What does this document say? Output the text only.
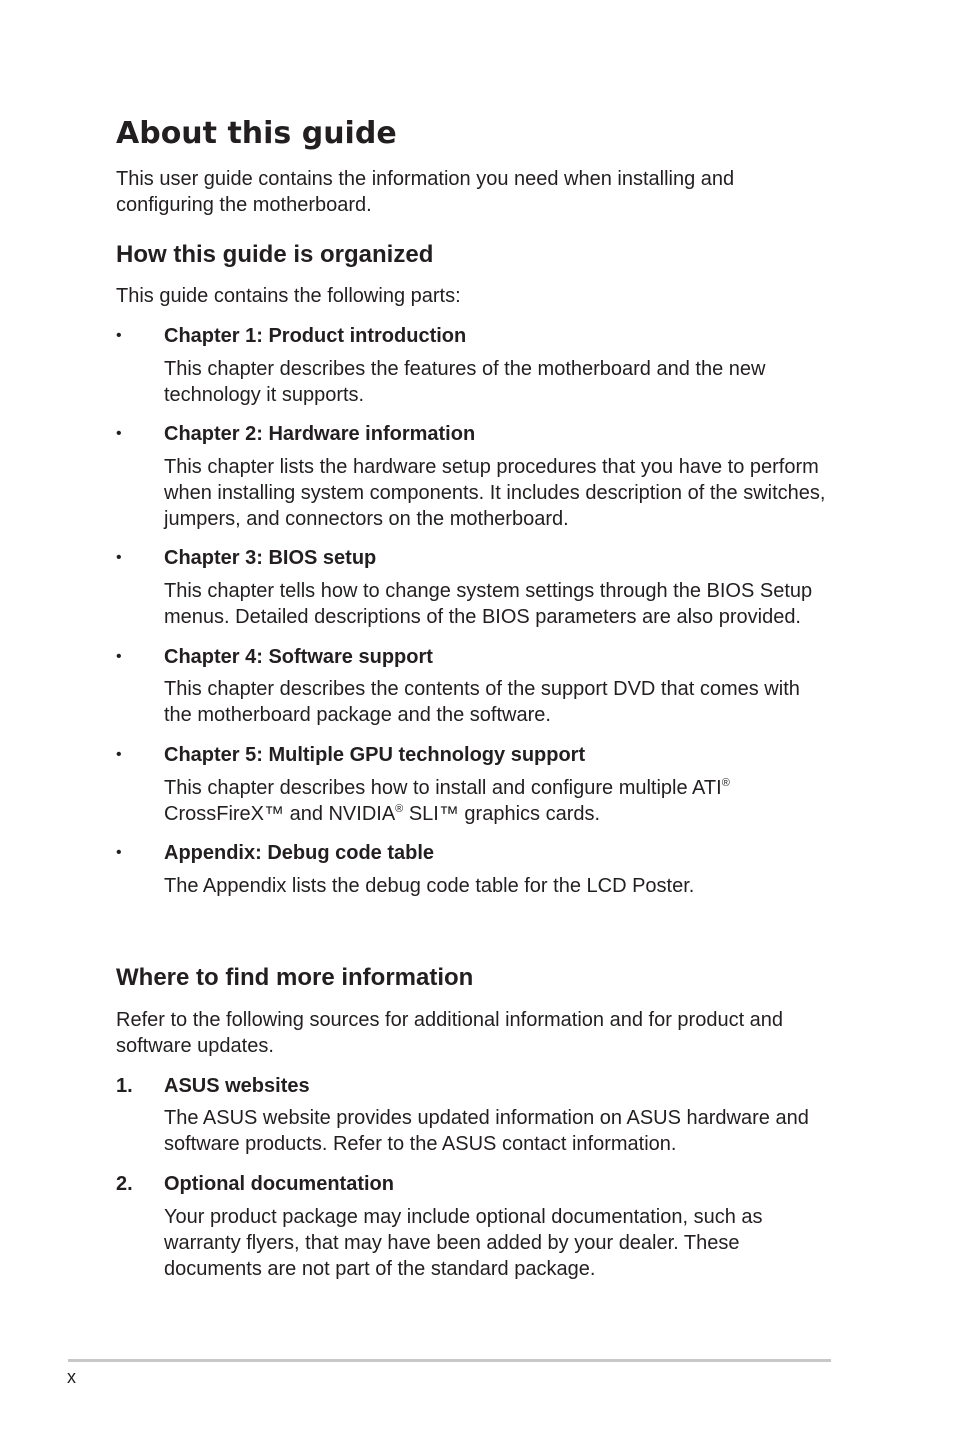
About this guide

This user guide contains the information you need when installing and configuring the motherboard.

How this guide is organized

This guide contains the following parts:

• Chapter 1: Product introduction

This chapter describes the features of the motherboard and the new technology it supports.

• Chapter 2: Hardware information

This chapter lists the hardware setup procedures that you have to perform when installing system components. It includes description of the switches, jumpers, and connectors on the motherboard.

• Chapter 3: BIOS setup

This chapter tells how to change system settings through the BIOS Setup menus. Detailed descriptions of the BIOS parameters are also provided.

• Chapter 4: Software support

This chapter describes the contents of the support DVD that comes with the motherboard package and the software.

• Chapter 5: Multiple GPU technology support

This chapter describes how to install and configure multiple ATI®
CrossFireX™ and NVIDIA® SLI™ graphics cards.

• Appendix: Debug code table

The Appendix lists the debug code table for the LCD Poster.

Where to find more information

Refer to the following sources for additional information and for product and software updates.

1. ASUS websites

The ASUS website provides updated information on ASUS hardware and software products. Refer to the ASUS contact information.

2. Optional documentation

Your product package may include optional documentation, such as warranty flyers, that may have been added by your dealer. These documents are not part of the standard package.

x
